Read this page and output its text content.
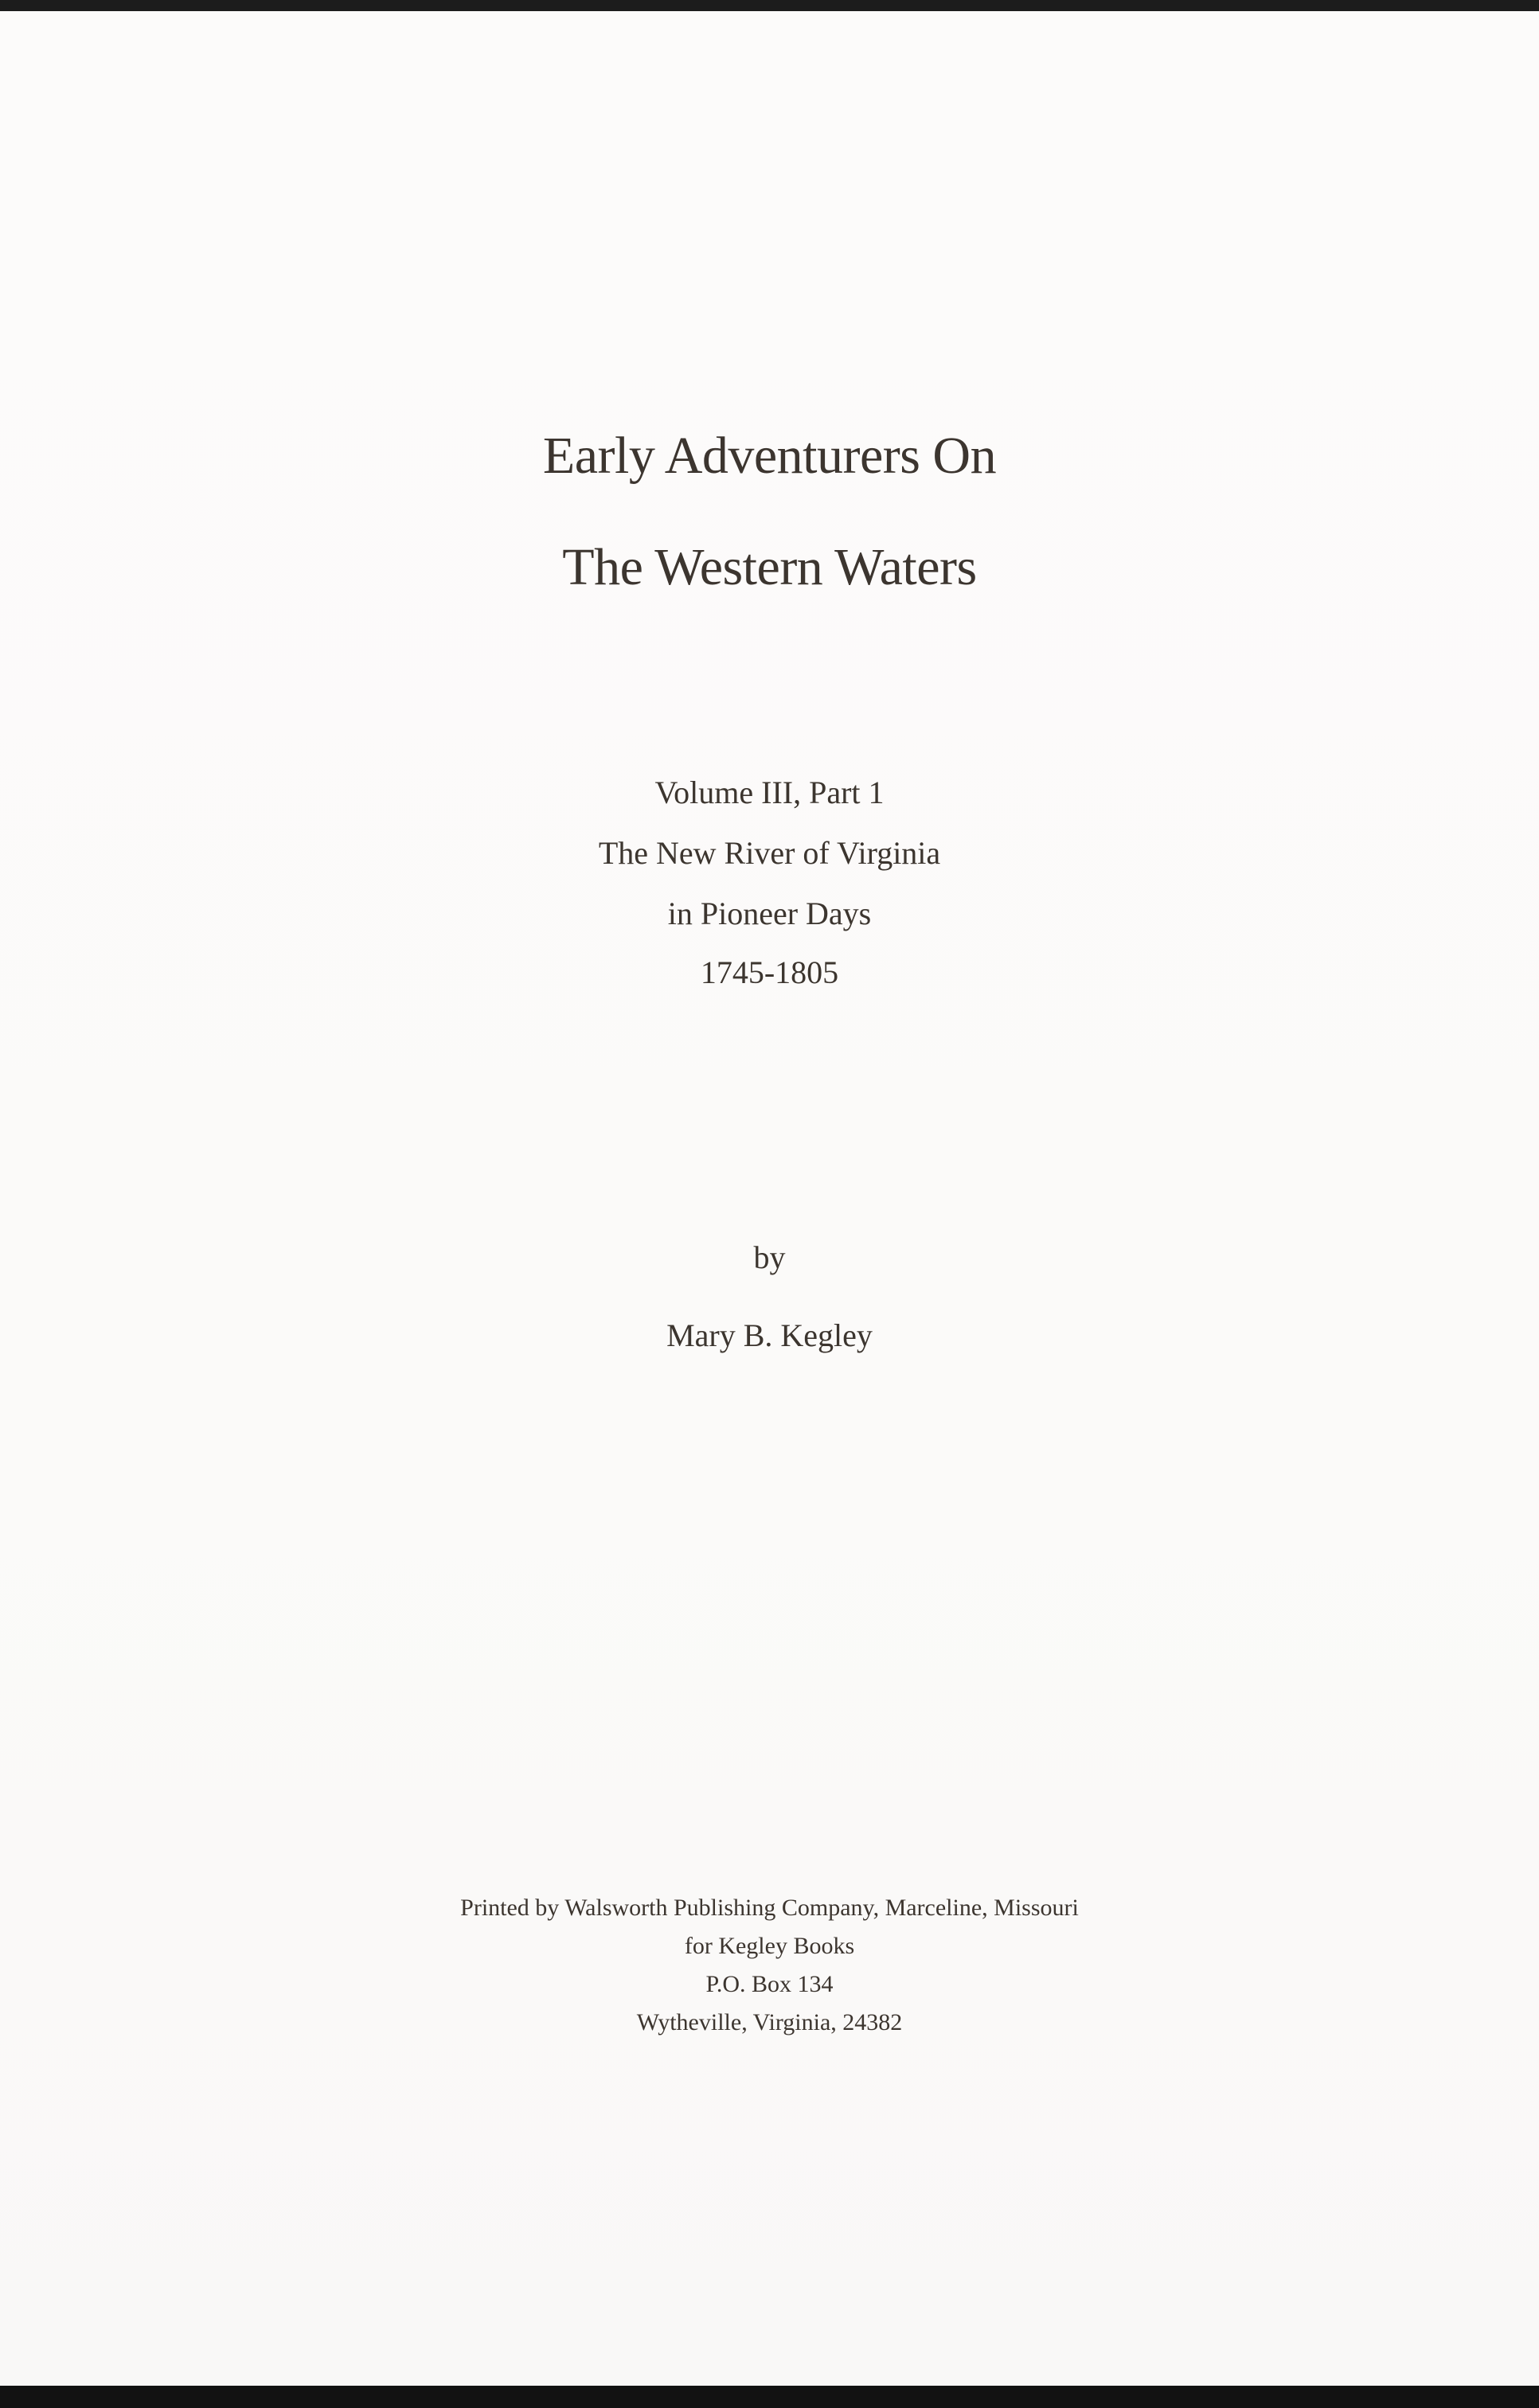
Early Adventurers On
The Western Waters
Volume III, Part 1
The New River of Virginia
in Pioneer Days
1745-1805
by
Mary B. Kegley
Printed by Walsworth Publishing Company, Marceline, Missouri
for Kegley Books
P.O. Box 134
Wytheville, Virginia, 24382
